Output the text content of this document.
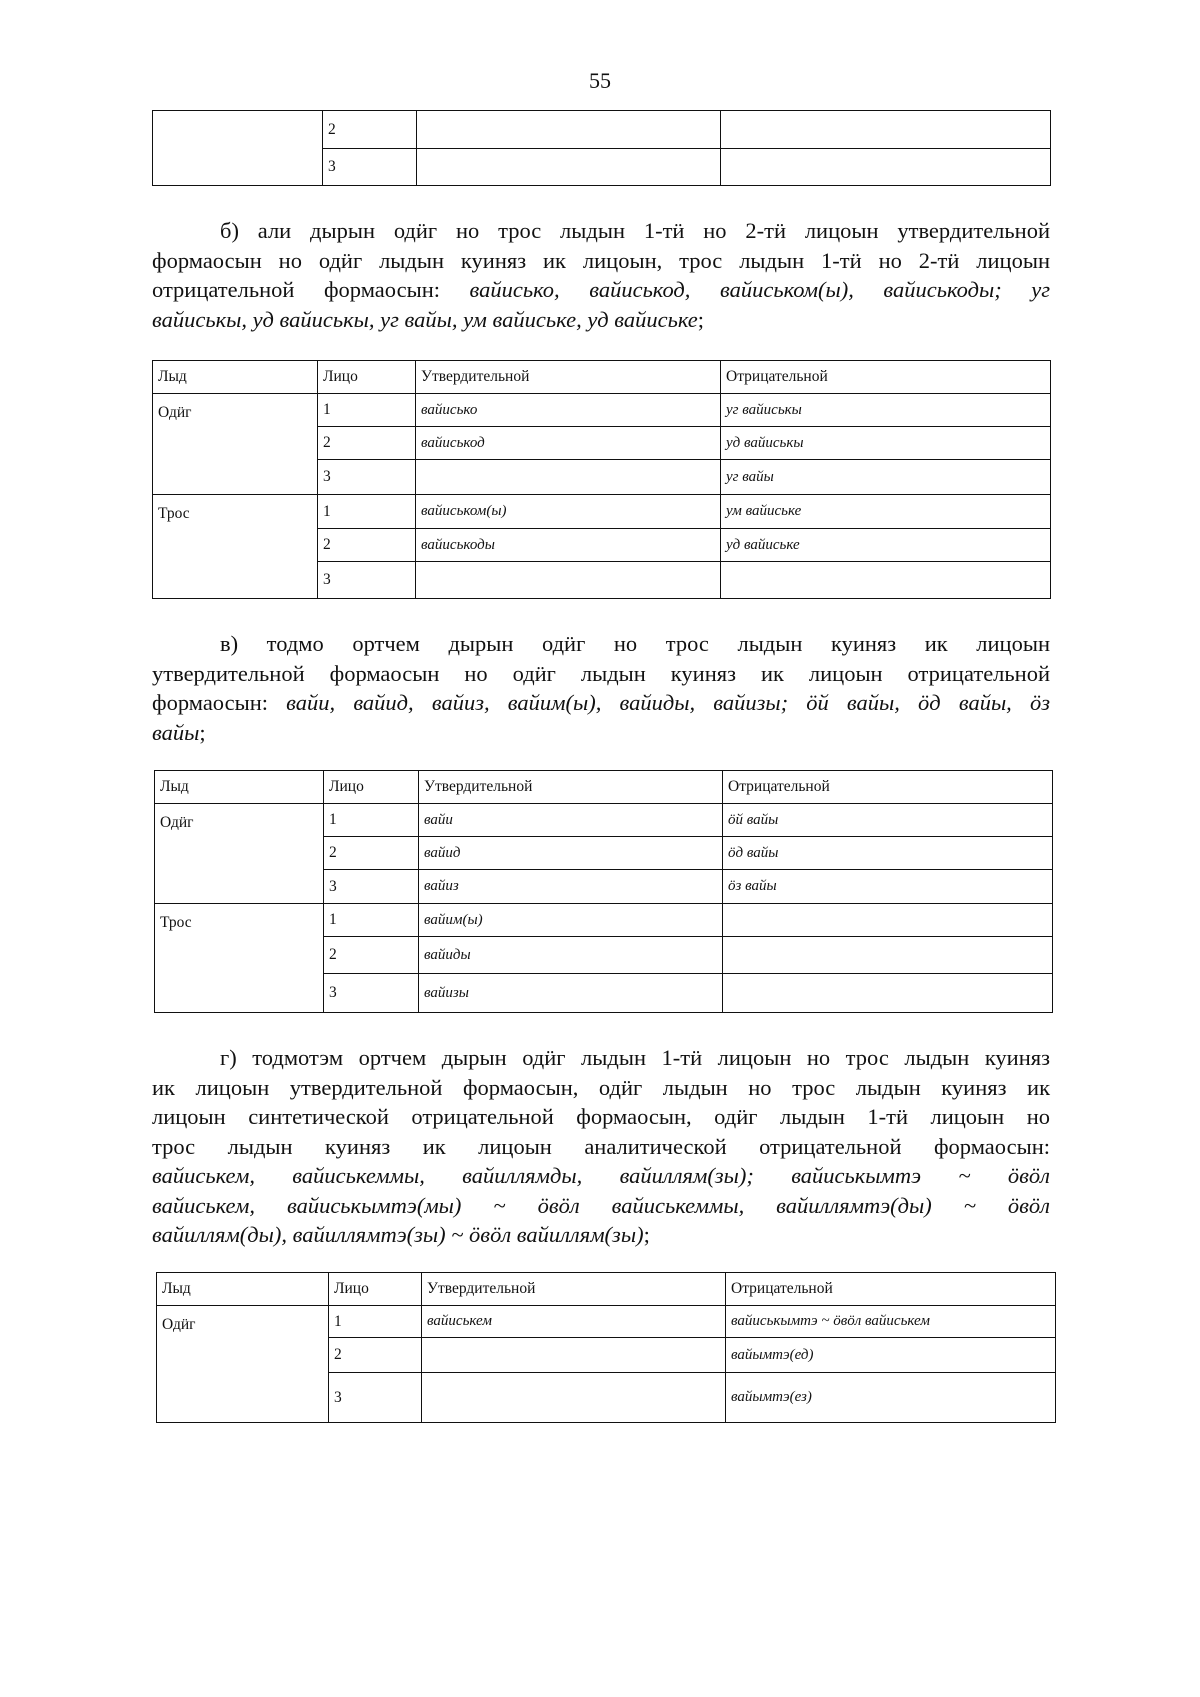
55
б) али дырын одӥг но трос лыдын 1-тӥ но 2-тӥ лицоын утвердительной
формаосын но одӥг лыдын куиняз ик лицоын, трос лыдын 1-тӥ но 2-тӥ лицоын
отрицательной формаосын: вайисько, вайиськод, вайиськом(ы), вайиськоды; уг
вайиськы, уд вайиськы, уг вайы, ум вайиське, уд вайиське;
в) тодмо ортчем дырын одӥг но трос лыдын куиняз ик лицоын
утвердительной формаосын но одӥг лыдын куиняз ик лицоын отрицательной
формаосын: вайи, вайид, вайиз, вайим(ы), вайиды, вайизы; ӧй вайы, ӧд вайы, ӧз
вайы;
г) тодмотэм ортчем дырын одӥг лыдын 1-тӥ лицоын но трос лыдын куиняз
ик лицоын утвердительной формаосын, одӥг лыдын но трос лыдын куиняз ик
лицоын синтетической отрицательной формаосын, одӥг лыдын 1-тӥ лицоын но
трос лыдын куиняз ик лицоын аналитической отрицательной формаосын:
вайиськем, вайиськеммы, вайиллямды, вайиллям(зы); вайиськымтэ ~ ӧвӧл
вайиськем, вайиськымтэ(мы) ~ ӧвӧл вайиськеммы, вайиллямтэ(ды) ~ ӧвӧл
вайиллям(ды), вайиллямтэ(зы) ~ ӧвӧл вайиллям(зы);
	2		
	3		
Лыд	Лицо	Утвердительной	Отрицательной
Одӥг	1	вайисько	уг вайиськы
	2	вайиськод	уд вайиськы
	3		уг вайы
Трос	1	вайиськом(ы)	ум вайиське
	2	вайиськоды	уд вайиське
	3		
Лыд	Лицо	Утвердительной	Отрицательной
Одӥг	1	вайи	ӧй вайы
	2	вайид	ӧд вайы
	3	вайиз	ӧз вайы
Трос	1	вайим(ы)	
	2	вайиды	
	3	вайизы	
Лыд	Лицо	Утвердительной	Отрицательной
Одӥг	1	вайиськем	вайиськымтэ ~ ӧвӧл вайиськем
	2		вайымтэ(ед)
	3		вайымтэ(ез)
